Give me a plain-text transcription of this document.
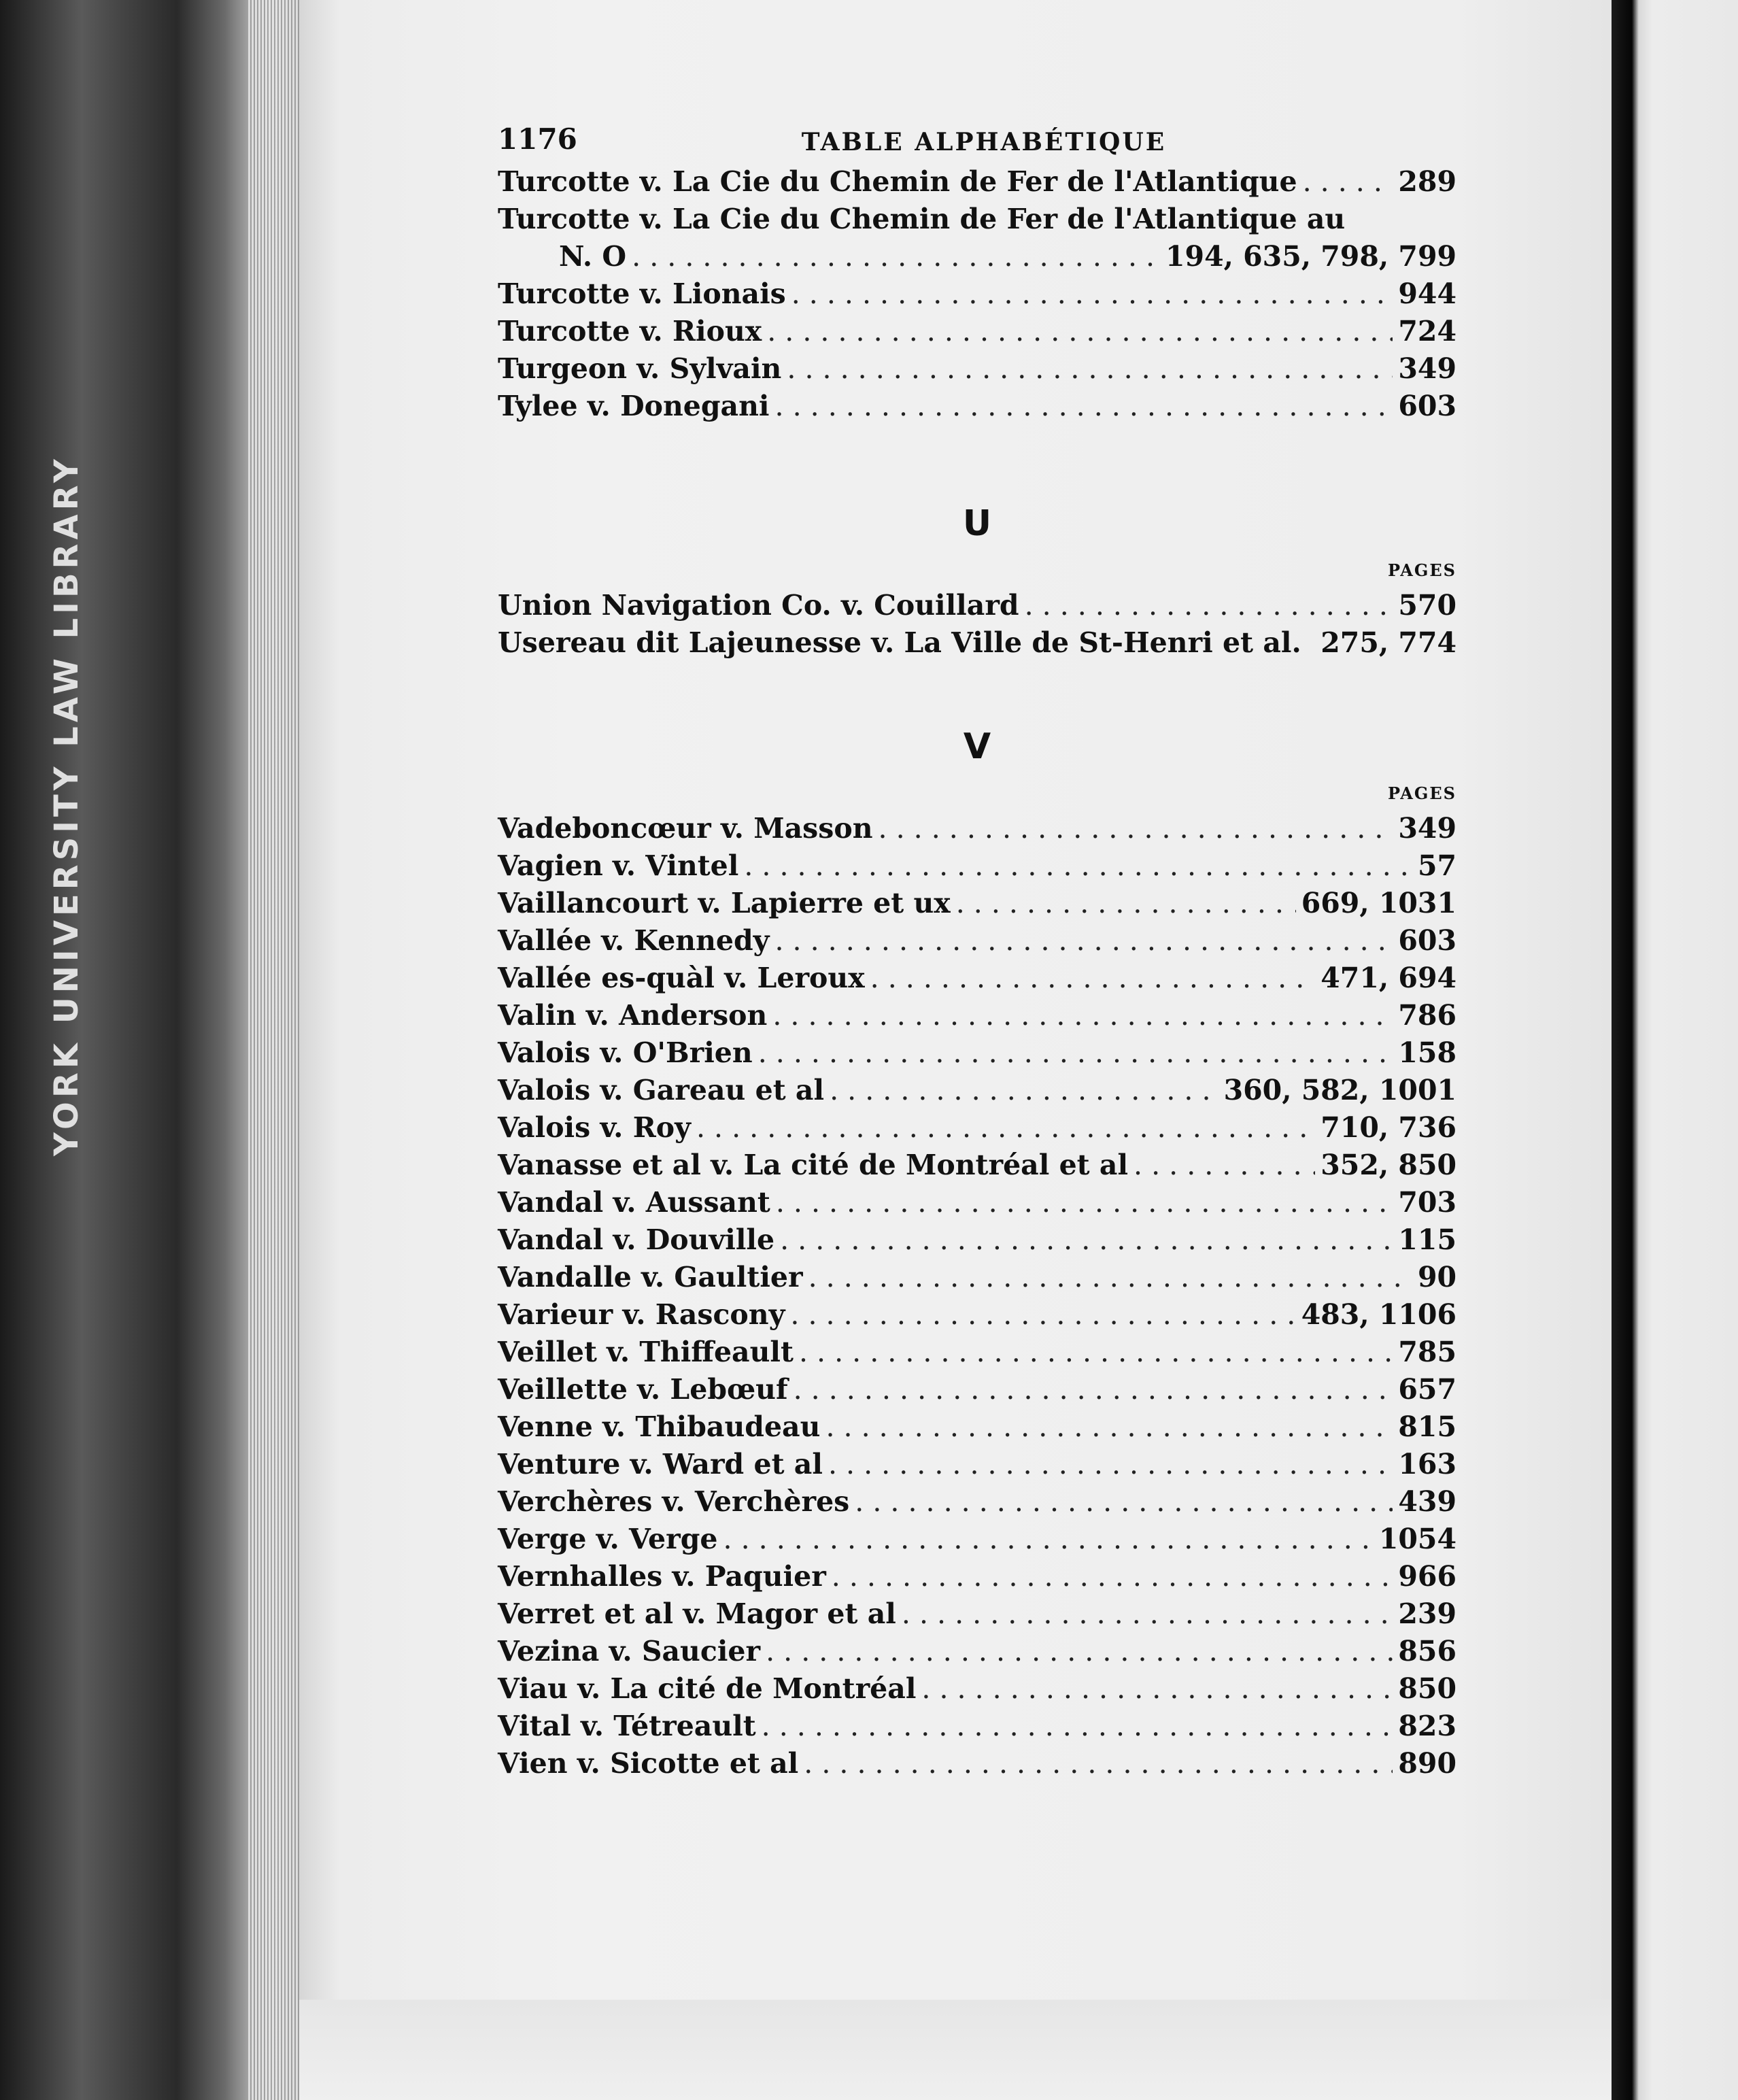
YORK UNIVERSITY LAW LIBRARY
1176	TABLE ALPHABÉTIQUE
Turcotte v. La Cie du Chemin de Fer de l'Atlantique . . .	289
Turcotte v. La Cie du Chemin de Fer de l'Atlantique au
N. O . . .	194, 635, 798, 799
Turcotte v. Lionais . . .	944
Turcotte v. Rioux . . .	724
Turgeon v. Sylvain . . .	349
Tylee v. Donegani . . .	603
U
PAGES
Union Navigation Co. v. Couillard . . .	570
Usereau dit Lajeunesse v. La Ville de St-Henri et al. 275, 774
V
PAGES
Vadeboncœur v. Masson . . .	349
Vagien v. Vintel . . .	57
Vaillancourt v. Lapierre et ux . . .	669, 1031
Vallée v. Kennedy . . .	603
Vallée es-quàl v. Leroux . . .	471, 694
Valin v. Anderson . . .	786
Valois v. O'Brien . . .	158
Valois v. Gareau et al . . .	360, 582, 1001
Valois v. Roy . . .	710, 736
Vanasse et al v. La cité de Montréal et al . . .	352, 850
Vandal v. Aussant . . .	703
Vandal v. Douville . . .	115
Vandalle v. Gaultier . . .	90
Varieur v. Rascony . . .	483, 1106
Veillet v. Thiffeault . . .	785
Veillette v. Lebœuf . . .	657
Venne v. Thibaudeau . . .	815
Venture v. Ward et al . . .	163
Verchères v. Verchères . . .	439
Verge v. Verge . . .	1054
Vernhalles v. Paquier . . .	966
Verret et al v. Magor et al . . .	239
Vezina v. Saucier . . .	856
Viau v. La cité de Montréal . . .	850
Vital v. Tétreault . . .	823
Vien v. Sicotte et al . . .	890
